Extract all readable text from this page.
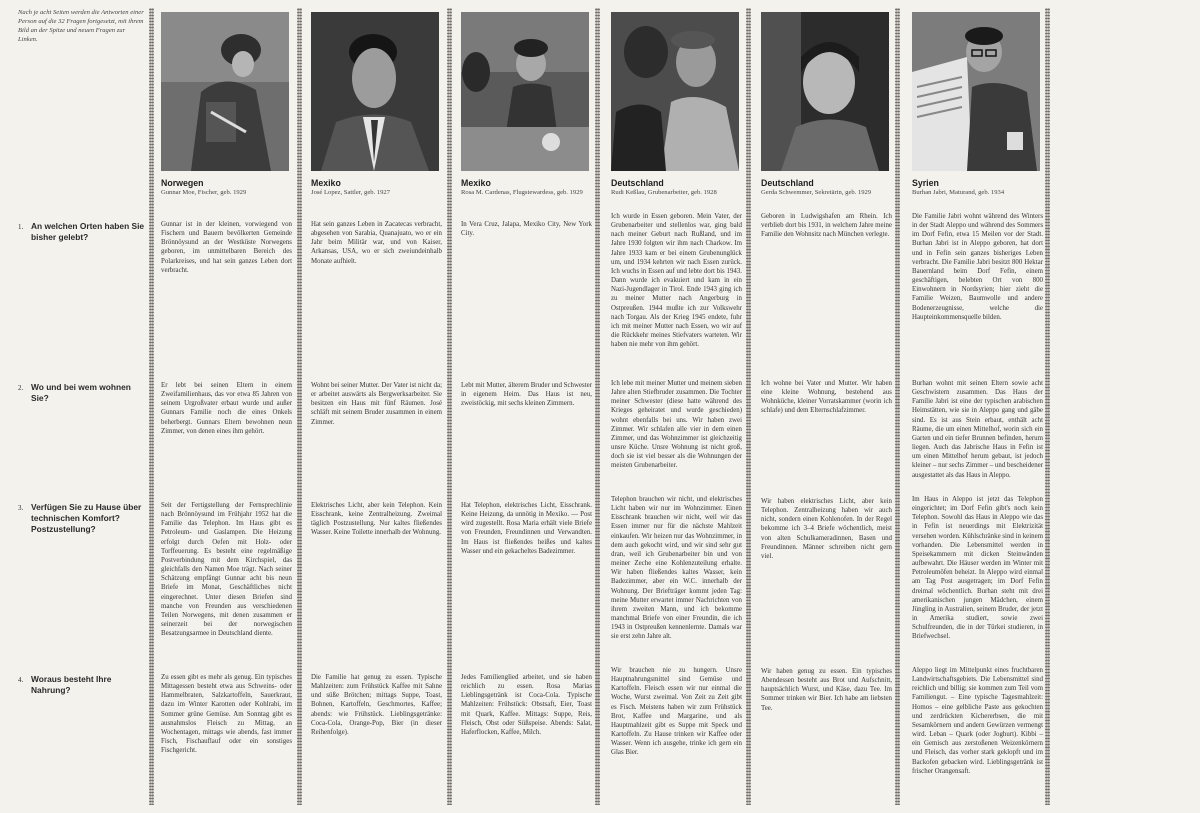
Nach je acht Seiten werden die Antworten einer Person auf die 32 Fragen fortgesetzt, mit ihrem Bild an der Spitze und neuen Fragen zur Linken.
1. An welchen Orten haben Sie bisher gelebt?
2. Wo und bei wem wohnen Sie?
3. Verfügen Sie zu Hause über technischen Komfort? Postzustellung?
4. Woraus besteht Ihre Nahrung?
Norwegen
Gunnar Moe, Fischer, geb. 1929
Gunnar ist in der kleinen, vorwiegend von Fischern und Bauern bevölkerten Gemeinde Brönnöysund an der Westküste Norwegens geboren, im unmittelbaren Bereich des Polarkreises, und hat sein ganzes Leben dort verbracht.
Er lebt bei seinen Eltern in einem Zweifamilienhaus, das vor etwa 85 Jahren von seinem Urgroßvater erbaut wurde und außer Gunnars Familie noch die eines Onkels beherbergt. Gunnars Eltern bewohnen neun Zimmer, von denen eines ihm gehört.
Seit der Fertigstellung der Fernsprechlinie nach Brönnöysund im Frühjahr 1952 hat die Familie das Telephon. Im Haus gibt es Petroleum- und Gaslampen. Die Heizung erfolgt durch Oefen mit Holz- oder Torffeuerung. Es besteht eine regelmäßige Postverbindung mit dem Kirchspiel, das gleichfalls den Namen Moe trägt. Nach seiner Schätzung empfängt Gunnar acht bis neun Briefe im Monat, Geschäftliches nicht eingerechnet. Unter diesen Briefen sind manche von Freunden aus verschiedenen Teilen Norwegens, mit denen zusammen er seinerzeit bei der norwegischen Besatzungsarmee in Deutschland diente.
Zu essen gibt es mehr als genug. Ein typisches Mittagessen besteht etwa aus Schweins- oder Hammelbraten, Salzkartoffeln, Sauerkraut, dazu im Winter Karotten oder Kohlrabi, im Sommer grüne Gemüse. Am Sonntag gibt es ausnahmslos Fleisch zu Mittag, an Wochentagen, mittags wie abends, fast immer Fisch, Fischauflauf oder ein sonstiges Fischgericht.
Mexiko
José Lopez, Sattler, geb. 1927
Hat sein ganzes Leben in Zacatecas verbracht, abgesehen von Sarabia, Quanajuato, wo er ein Jahr beim Militär war, und von Kaiser, Arkansas, USA, wo er sich zweiundeinhalb Monate aufhielt.
Wohnt bei seiner Mutter. Der Vater ist nicht da; er arbeitet auswärts als Bergwerksarbeiter. Sie besitzen ein Haus mit fünf Räumen. José schläft mit seinem Bruder zusammen in einem Zimmer.
Elektrisches Licht, aber kein Telephon. Kein Eisschrank, keine Zentralheizung. Zweimal täglich Postzustellung. Nur kaltes fließendes Wasser. Keine Toilette innerhalb der Wohnung.
Die Familie hat genug zu essen. Typische Mahlzeiten: zum Frühstück Kaffee mit Sahne und süße Brötchen; mittags Suppe, Toast, Bohnen, Kartoffeln, Geschmortes, Kaffee; abends: wie Frühstück. Lieblingsgetränke: Coca-Cola, Orange-Pop, Bier (in dieser Reihenfolge).
Mexiko
Rosa M. Cardenas, Flugstewardess, geb. 1929
In Vera Cruz, Jalapa, Mexiko City, New York City.
Lebt mit Mutter, älterem Bruder und Schwester in eigenem Heim. Das Haus ist neu, zweistöckig, mit sechs kleinen Zimmern.
Hat Telephon, elektrisches Licht, Eisschrank. Keine Heizung, da unnötig in Mexiko. — Post wird zugestellt. Rosa Maria erhält viele Briefe von Freunden, Freundinnen und Verwandten. Im Haus ist fließendes heißes und kaltes Wasser und ein gekacheltes Badezimmer.
Jedes Familienglied arbeitet, und sie haben reichlich zu essen. Rosa Marias Lieblingsgetränk ist Coca-Cola. Typische Mahlzeiten: Frühstück: Obstsaft, Eier, Toast mit Quark, Kaffee. Mittags: Suppe, Reis, Fleisch, Obst oder Süßspeise. Abends: Salat, Haferflocken, Kaffee, Milch.
Deutschland
Rudi Keßlau, Grubenarbeiter, geb. 1928
Ich wurde in Essen geboren. Mein Vater, der Grubenarbeiter und stellenlos war, ging bald nach meiner Geburt nach Rußland, und im Jahre 1930 folgten wir ihm nach Charkow. Im Jahre 1933 kam er bei einem Grubenunglück um, und 1934 kehrten wir nach Essen zurück. Ich wuchs in Essen auf und lebte dort bis 1943. Dann wurde ich evakuiert und kam in ein Nazi-Jugendlager in Tirol. Ende 1943 ging ich zu meiner Mutter nach Angerburg in Ostpreußen. 1944 mußte ich zur Volkswehr nach Torgau. Als der Krieg 1945 endete, fuhr ich mit meiner Mutter nach Essen, wo wir auf die Rückkehr meines Stiefvaters warteten. Wir haben nie mehr von ihm gehört.
Ich lebe mit meiner Mutter und meinem sieben Jahre alten Stiefbruder zusammen. Die Tochter meiner Schwester (diese hatte während des Krieges geheiratet und wurde geschieden) wohnt ebenfalls bei uns. Wir haben zwei Zimmer. Wir schlafen alle vier in dem einen Zimmer, und das Wohnzimmer ist gleichzeitig unsre Küche. Unsre Wohnung ist nicht groß, doch sie ist viel besser als die Wohnungen der meisten Grubenarbeiter.
Telephon brauchen wir nicht, und elektrisches Licht haben wir nur im Wohnzimmer. Einen Eisschrank brauchen wir nicht, weil wir das Essen immer nur für die nächste Mahlzeit einkaufen. Wir heizen nur das Wohnzimmer, in dem auch gekocht wird, und wir sind sehr gut dran, weil ich Grubenarbeiter bin und von meiner Zeche eine Kohlenzuteilung erhalte. Wir haben fließendes kaltes Wasser, kein Badezimmer, aber ein W.C. innerhalb der Wohnung. Der Briefträger kommt jeden Tag: meine Mutter erwartet immer Nachrichten von ihrem zweiten Mann, und ich bekomme manchmal Briefe von einer Freundin, die ich 1943 in Ostpreußen kennenlernte. Damals war sie erst zehn Jahre alt.
Wir brauchen nie zu hungern. Unsre Hauptnahrungsmittel sind Gemüse und Kartoffeln. Fleisch essen wir nur einmal die Woche, Wurst zweimal. Von Zeit zu Zeit gibt es Fisch. Meistens haben wir zum Frühstück Brot, Kaffee und Margarine, und als Hauptmahlzeit gibt es Suppe mit Speck und Kartoffeln. Zu Hause trinken wir Kaffee oder Wasser. Wenn ich ausgehe, trinke ich gern ein Glas Bier.
Deutschland
Gerda Schwemmer, Sekretärin, geb. 1929
Geboren in Ludwigshafen am Rhein. Ich verblieb dort bis 1931, in welchem Jahre meine Familie den Wohnsitz nach München verlegte.
Ich wohne bei Vater und Mutter. Wir haben eine kleine Wohnung, bestehend aus Wohnküche, kleiner Vorratskammer (worin ich schlafe) und dem Elternschlafzimmer.
Wir haben elektrisches Licht, aber kein Telephon. Zentralheizung haben wir auch nicht, sondern einen Kohlenofen. In der Regel bekomme ich 3–4 Briefe wöchentlich, meist von alten Schulkameradinnen, Basen und Freundinnen. Männer schreiben nicht gern viel.
Wir haben genug zu essen. Ein typisches Abendessen besteht aus Brot und Aufschnitt, hauptsächlich Wurst, und Käse, dazu Tee. Im Sommer trinken wir Bier. Ich habe am liebsten Tee.
Syrien
Burhan Jabri, Maturand, geb. 1934
Die Familie Jabri wohnt während des Winters in der Stadt Aleppo und während des Sommers im Dorf Fefin, etwa 15 Meilen vor der Stadt. Burhan Jabri ist in Aleppo geboren, hat dort und in Fefin sein ganzes bisheriges Leben verbracht. Die Familie Jabri besitzt 800 Hektar Bauernland beim Dorf Fefin, einem geschäftigen, belebten Ort von 800 Einwohnern in Nordsyrien; hier zieht die Familie Weizen, Baumwolle und andere Bodenerzeugnisse, welche die Haupteinkommensquelle bilden.
Burhan wohnt mit seinen Eltern sowie acht Geschwistern zusammen. Das Haus der Familie Jabri ist eine der typischen arabischen Heimstätten, wie sie in Aleppo gang und gäbe sind. Es ist aus Stein erbaut, enthält acht Räume, die um einen Mittelhof, worin sich ein Garten und ein tiefer Brunnen befinden, herum liegen. Auch das Jabrische Haus in Fefin ist um einen Mittelhof herum gebaut, ist jedoch kleiner – nur sechs Zimmer – und bescheidener ausgestattet als das Haus in Aleppo.
Im Haus in Aleppo ist jetzt das Telephon eingerichtet; im Dorf Fefin gibt's noch kein Telephon. Sowohl das Haus in Aleppo wie das in Fefin ist neuerdings mit Elektrizität versehen worden. Kühlschränke sind in keinem vorhanden. Die Lebensmittel werden in Speisekammern mit dicken Steinwänden aufbewahrt. Die Häuser werden im Winter mit Petroleumöfen beheizt. In Aleppo wird einmal am Tag Post ausgetragen; im Dorf Fefin dreimal wöchentlich. Burhan steht mit drei amerikanischen jungen Mädchen, einem Jüngling in Australien, seinem Bruder, der jetzt in Amerika studiert, sowie zwei Schulfreunden, die in der Türkei studieren, in Briefwechsel.
Aleppo liegt im Mittelpunkt eines fruchtbaren Landwirtschaftsgebiets. Die Lebensmittel sind reichlich und billig; sie kommen zum Teil vom Familiengut. – Eine typische Tagesmahlzeit: Homos – eine gelbliche Paste aus gekochten und zerdrückten Kichererbsen, die mit Sesamkörnern und andern Gewürzen vermengt wird. Leban – Quark (oder Joghurt). Kibbi – ein Gemisch aus zerstoßenen Weizenkörnern und Fleisch, das vorher stark geklopft und im Backofen gebacken wird. Lieblingsgetränk ist frischer Orangensaft.
